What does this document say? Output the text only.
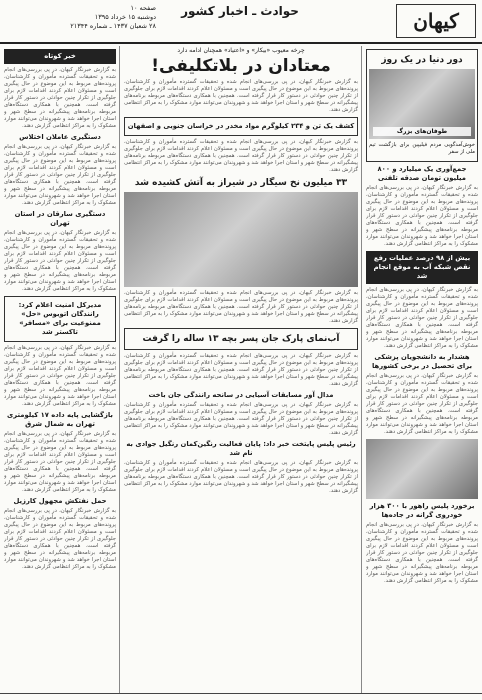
کیهان
حوادث ـ اخبار کشور
صفحه ۱۰
دوشنبه ۱۵ خرداد ۱۳۹۵
۲۸ شعبان ۱۴۳۷ ـ شماره ۲۱۳۴۴
دور دنیا در یک روز
طوفان‌های بزرگ

خوش‌آمدگویی مردم فیلیپین برای بازگشت تیم ملی از سفر

جمع‌آوری یک میلیارد و ۸۰۰ میلیون تومان صدقه تلفنی

به گزارش خبرنگار کیهان، در پی بررسی‌های انجام شده و تحقیقات گسترده مأموران و کارشناسان، پرونده‌های مربوط به این موضوع در حال پیگیری است و مسئولان اعلام کردند اقدامات لازم برای جلوگیری از تکرار چنین حوادثی در دستور کار قرار گرفته است. همچنین با همکاری دستگاه‌های مربوطه برنامه‌های پیشگیرانه در سطح شهر و استان اجرا خواهد شد و شهروندان می‌توانند موارد مشکوک را به مراکز انتظامی گزارش دهند.

بیش از ۹۸ درصد عملیات رفع نقص شبکه آب به موقع انجام شد

به گزارش خبرنگار کیهان، در پی بررسی‌های انجام شده و تحقیقات گسترده مأموران و کارشناسان، پرونده‌های مربوط به این موضوع در حال پیگیری است و مسئولان اعلام کردند اقدامات لازم برای جلوگیری از تکرار چنین حوادثی در دستور کار قرار گرفته است. همچنین با همکاری دستگاه‌های مربوطه برنامه‌های پیشگیرانه در سطح شهر و استان اجرا خواهد شد و شهروندان می‌توانند موارد مشکوک را به مراکز انتظامی گزارش دهند.

هشدار به دانشجویان پزشکی برای تحصیل در برخی کشورها

به گزارش خبرنگار کیهان، در پی بررسی‌های انجام شده و تحقیقات گسترده مأموران و کارشناسان، پرونده‌های مربوط به این موضوع در حال پیگیری است و مسئولان اعلام کردند اقدامات لازم برای جلوگیری از تکرار چنین حوادثی در دستور کار قرار گرفته است. همچنین با همکاری دستگاه‌های مربوطه برنامه‌های پیشگیرانه در سطح شهر و استان اجرا خواهد شد و شهروندان می‌توانند موارد مشکوک را به مراکز انتظامی گزارش دهند.

برخورد پلیس راهور با ۳۰۰ هزار خودروی گرانه در جاده‌ها

به گزارش خبرنگار کیهان، در پی بررسی‌های انجام شده و تحقیقات گسترده مأموران و کارشناسان، پرونده‌های مربوط به این موضوع در حال پیگیری است و مسئولان اعلام کردند اقدامات لازم برای جلوگیری از تکرار چنین حوادثی در دستور کار قرار گرفته است. همچنین با همکاری دستگاه‌های مربوطه برنامه‌های پیشگیرانه در سطح شهر و استان اجرا خواهد شد و شهروندان می‌توانند موارد مشکوک را به مراکز انتظامی گزارش دهند.

چرخه معیوب «بیکار» و «اعتیاد» همچنان ادامه دارد
معتادان در بلاتکلیفی!

به گزارش خبرنگار کیهان، در پی بررسی‌های انجام شده و تحقیقات گسترده مأموران و کارشناسان، پرونده‌های مربوط به این موضوع در حال پیگیری است و مسئولان اعلام کردند اقدامات لازم برای جلوگیری از تکرار چنین حوادثی در دستور کار قرار گرفته است. همچنین با همکاری دستگاه‌های مربوطه برنامه‌های پیشگیرانه در سطح شهر و استان اجرا خواهد شد و شهروندان می‌توانند موارد مشکوک را به مراکز انتظامی گزارش دهند.

کشف یک تن و ۲۳۴ کیلوگرم مواد مخدر در خراسان جنوبی و اصفهان

به گزارش خبرنگار کیهان، در پی بررسی‌های انجام شده و تحقیقات گسترده مأموران و کارشناسان، پرونده‌های مربوط به این موضوع در حال پیگیری است و مسئولان اعلام کردند اقدامات لازم برای جلوگیری از تکرار چنین حوادثی در دستور کار قرار گرفته است. همچنین با همکاری دستگاه‌های مربوطه برنامه‌های پیشگیرانه در سطح شهر و استان اجرا خواهد شد و شهروندان می‌توانند موارد مشکوک را به مراکز انتظامی گزارش دهند.

۳۳ میلیون نخ سیگار در شیراز به آتش کشیده شد

به گزارش خبرنگار کیهان، در پی بررسی‌های انجام شده و تحقیقات گسترده مأموران و کارشناسان، پرونده‌های مربوط به این موضوع در حال پیگیری است و مسئولان اعلام کردند اقدامات لازم برای جلوگیری از تکرار چنین حوادثی در دستور کار قرار گرفته است. همچنین با همکاری دستگاه‌های مربوطه برنامه‌های پیشگیرانه در سطح شهر و استان اجرا خواهد شد و شهروندان می‌توانند موارد مشکوک را به مراکز انتظامی گزارش دهند.

آب‌نمای پارک جان پسر بچه ۱۳ ساله را گرفت

به گزارش خبرنگار کیهان، در پی بررسی‌های انجام شده و تحقیقات گسترده مأموران و کارشناسان، پرونده‌های مربوط به این موضوع در حال پیگیری است و مسئولان اعلام کردند اقدامات لازم برای جلوگیری از تکرار چنین حوادثی در دستور کار قرار گرفته است. همچنین با همکاری دستگاه‌های مربوطه برنامه‌های پیشگیرانه در سطح شهر و استان اجرا خواهد شد و شهروندان می‌توانند موارد مشکوک را به مراکز انتظامی گزارش دهند.

مدال آور مسابقات آسیایی در سانحه رانندگی جان باخت

به گزارش خبرنگار کیهان، در پی بررسی‌های انجام شده و تحقیقات گسترده مأموران و کارشناسان، پرونده‌های مربوط به این موضوع در حال پیگیری است و مسئولان اعلام کردند اقدامات لازم برای جلوگیری از تکرار چنین حوادثی در دستور کار قرار گرفته است. همچنین با همکاری دستگاه‌های مربوطه برنامه‌های پیشگیرانه در سطح شهر و استان اجرا خواهد شد و شهروندان می‌توانند موارد مشکوک را به مراکز انتظامی گزارش دهند.

رئیس پلیس پایتخت خبر داد: پایان فعالیت رنگین‌کمان رنگیل جوادی به نام شد

به گزارش خبرنگار کیهان، در پی بررسی‌های انجام شده و تحقیقات گسترده مأموران و کارشناسان، پرونده‌های مربوط به این موضوع در حال پیگیری است و مسئولان اعلام کردند اقدامات لازم برای جلوگیری از تکرار چنین حوادثی در دستور کار قرار گرفته است. همچنین با همکاری دستگاه‌های مربوطه برنامه‌های پیشگیرانه در سطح شهر و استان اجرا خواهد شد و شهروندان می‌توانند موارد مشکوک را به مراکز انتظامی گزارش دهند.

خبر کوتاه

به گزارش خبرنگار کیهان، در پی بررسی‌های انجام شده و تحقیقات گسترده مأموران و کارشناسان، پرونده‌های مربوط به این موضوع در حال پیگیری است و مسئولان اعلام کردند اقدامات لازم برای جلوگیری از تکرار چنین حوادثی در دستور کار قرار گرفته است. همچنین با همکاری دستگاه‌های مربوطه برنامه‌های پیشگیرانه در سطح شهر و استان اجرا خواهد شد و شهروندان می‌توانند موارد مشکوک را به مراکز انتظامی گزارش دهند.

دستگیری عاملان اختلاس

به گزارش خبرنگار کیهان، در پی بررسی‌های انجام شده و تحقیقات گسترده مأموران و کارشناسان، پرونده‌های مربوط به این موضوع در حال پیگیری است و مسئولان اعلام کردند اقدامات لازم برای جلوگیری از تکرار چنین حوادثی در دستور کار قرار گرفته است. همچنین با همکاری دستگاه‌های مربوطه برنامه‌های پیشگیرانه در سطح شهر و استان اجرا خواهد شد و شهروندان می‌توانند موارد مشکوک را به مراکز انتظامی گزارش دهند.

دستگیری سارقان در استان تهران

به گزارش خبرنگار کیهان، در پی بررسی‌های انجام شده و تحقیقات گسترده مأموران و کارشناسان، پرونده‌های مربوط به این موضوع در حال پیگیری است و مسئولان اعلام کردند اقدامات لازم برای جلوگیری از تکرار چنین حوادثی در دستور کار قرار گرفته است. همچنین با همکاری دستگاه‌های مربوطه برنامه‌های پیشگیرانه در سطح شهر و استان اجرا خواهد شد و شهروندان می‌توانند موارد مشکوک را به مراکز انتظامی گزارش دهند.

مدیرکل امنیت اعلام کرد: رانندگان اتوبوس «حل» ممنوعیت برای «مسافر» تاکستر شد

به گزارش خبرنگار کیهان، در پی بررسی‌های انجام شده و تحقیقات گسترده مأموران و کارشناسان، پرونده‌های مربوط به این موضوع در حال پیگیری است و مسئولان اعلام کردند اقدامات لازم برای جلوگیری از تکرار چنین حوادثی در دستور کار قرار گرفته است. همچنین با همکاری دستگاه‌های مربوطه برنامه‌های پیشگیرانه در سطح شهر و استان اجرا خواهد شد و شهروندان می‌توانند موارد مشکوک را به مراکز انتظامی گزارش دهند.

بازگشایی پایه داده ۱۷ کیلومتری تهران به شمال شرق

به گزارش خبرنگار کیهان، در پی بررسی‌های انجام شده و تحقیقات گسترده مأموران و کارشناسان، پرونده‌های مربوط به این موضوع در حال پیگیری است و مسئولان اعلام کردند اقدامات لازم برای جلوگیری از تکرار چنین حوادثی در دستور کار قرار گرفته است. همچنین با همکاری دستگاه‌های مربوطه برنامه‌های پیشگیرانه در سطح شهر و استان اجرا خواهد شد و شهروندان می‌توانند موارد مشکوک را به مراکز انتظامی گزارش دهند.

حمل نفتکش مجهول کارزیل

به گزارش خبرنگار کیهان، در پی بررسی‌های انجام شده و تحقیقات گسترده مأموران و کارشناسان، پرونده‌های مربوط به این موضوع در حال پیگیری است و مسئولان اعلام کردند اقدامات لازم برای جلوگیری از تکرار چنین حوادثی در دستور کار قرار گرفته است. همچنین با همکاری دستگاه‌های مربوطه برنامه‌های پیشگیرانه در سطح شهر و استان اجرا خواهد شد و شهروندان می‌توانند موارد مشکوک را به مراکز انتظامی گزارش دهند.
